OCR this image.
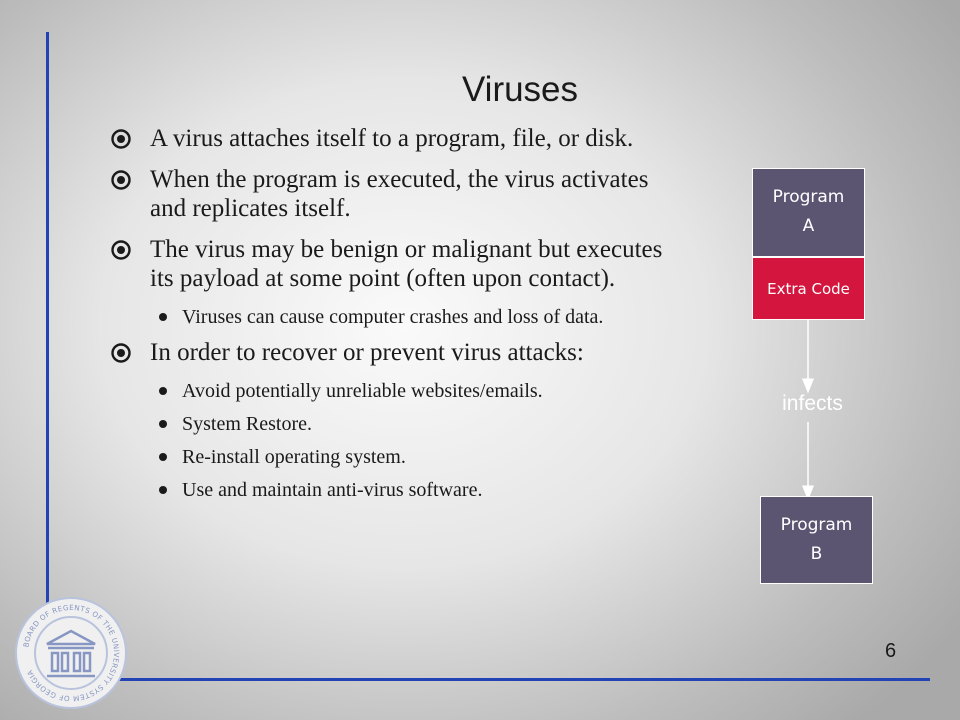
Viruses
A virus attaches itself to a program, file, or disk.
When the program is executed, the virus activates and replicates itself.
The virus may be benign or malignant but executes its payload at some point (often upon contact).
Viruses can cause computer crashes and loss of data.
In order to recover or prevent virus attacks:
Avoid potentially unreliable websites/emails.
System Restore.
Re-install operating system.
Use and maintain anti-virus software.
Program
A
Extra Code
infects
Program
B
BOARD OF REGENTS OF THE UNIVERSITY SYSTEM OF GEORGIA
6
